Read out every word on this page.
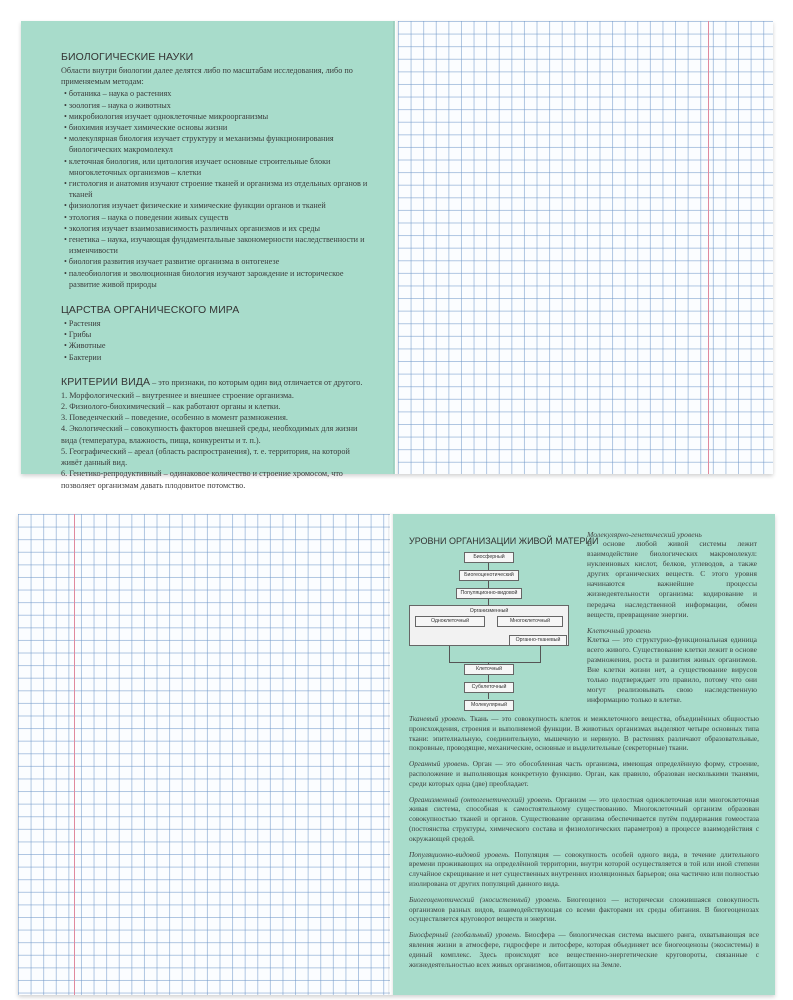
БИОЛОГИЧЕСКИЕ НАУКИ
Области внутри биологии далее делятся либо по масштабам исследования, либо по применяемым методам:
• ботаника – наука о растениях
• зоология – наука о животных
• микробиология изучает одноклеточные микроорганизмы
• биохимия изучает химические основы жизни
• молекулярная биология изучает структуру и механизмы функционирования биологических макромолекул
• клеточная биология, или цитология изучает основные строительные блоки многоклеточных организмов – клетки
• гистология и анатомия изучают строение тканей и организма из отдельных органов и тканей
• физиология изучает физические и химические функции органов и тканей
• этология – наука о поведении живых существ
• экология изучает взаимозависимость различных организмов и их среды
• генетика – наука, изучающая фундаментальные закономерности наследственности и изменчивости
• биология развития изучает развитие организма в онтогенезе
• палеобиология и эволюционная биология изучают зарождение и историческое развитие живой природы
ЦАРСТВА ОРГАНИЧЕСКОГО МИРА
• Растения
• Грибы
• Животные
• Бактерии
КРИТЕРИИ ВИДА – это признаки, по которым один вид отличается от другого.
1. Морфологический – внутреннее и внешнее строение организма.
2. Физиолого-биохимический – как работают органы и клетки.
3. Поведенческий – поведение, особенно в момент размножения.
4. Экологический – совокупность факторов внешней среды, необходимых для жизни вида (температура, влажность, пища, конкуренты и т. п.).
5. Географический – ареал (область распространения), т. е. территория, на которой живёт данный вид.
6. Генетико-репродуктивный – одинаковое количество и строение хромосом, что позволяет организмам давать плодовитое потомство.
УРОВНИ ОРГАНИЗАЦИИ ЖИВОЙ МАТЕРИИ
Биосферный
Биогеоценотический
Популяционно-видовой
Организменный
Одноклеточный	Многоклеточный
Органно-тканевый
Клеточный
Субклеточный
Молекулярный
Молекулярно-генетический уровень
В основе любой живой системы лежит взаимодействие биологических макромолекул: нуклеиновых кислот, белков, углеводов, а также других органических веществ. С этого уровня начинаются важнейшие процессы жизнедеятельности организма: кодирование и передача наследственной информации, обмен веществ, превращение энергии.
Клеточный уровень
Клетка — это структурно-функциональная единица всего живого. Существование клетки лежит в основе размножения, роста и развития живых организмов. Вне клетки жизни нет, а существование вирусов только подтверждает это правило, потому что они могут реализовывать свою наследственную информацию только в клетке.
Тканевый уровень. Ткань — это совокупность клеток и межклеточного вещества, объединённых общностью происхождения, строения и выполняемой функции. В животных организмах выделяют четыре основных типа ткани: эпителиальную, соединительную, мышечную и нервную. В растениях различают образовательные, покровные, проводящие, механические, основные и выделительные (секреторные) ткани.
Органный уровень. Орган — это обособленная часть организма, имеющая определённую форму, строение, расположение и выполняющая конкретную функцию. Орган, как правило, образован несколькими тканями, среди которых одна (две) преобладает.
Организменный (онтогенетический) уровень. Организм — это целостная одноклеточная или многоклеточная живая система, способная к самостоятельному существованию. Многоклеточный организм образован совокупностью тканей и органов. Существование организма обеспечивается путём поддержания гомеостаза (постоянства структуры, химического состава и физиологических параметров) в процессе взаимодействия с окружающей средой.
Популяционно-видовой уровень. Популяция — совокупность особей одного вида, в течение длительного времени проживающих на определённой территории, внутри которой осуществляется в той или иной степени случайное скрещивание и нет существенных внутренних изоляционных барьеров; она частично или полностью изолирована от других популяций данного вида.
Биогеоценотический (экосистемный) уровень. Биогеоценоз — исторически сложившаяся совокупность организмов разных видов, взаимодействующая со всеми факторами их среды обитания. В биогеоценозах осуществляется круговорот веществ и энергии.
Биосферный (глобальный) уровень. Биосфера — биологическая система высшего ранга, охватывающая все явления жизни в атмосфере, гидросфере и литосфере, которая объединяет все биогеоценозы (экосистемы) в единый комплекс. Здесь происходят все вещественно-энергетические круговороты, связанные с жизнедеятельностью всех живых организмов, обитающих на Земле.
